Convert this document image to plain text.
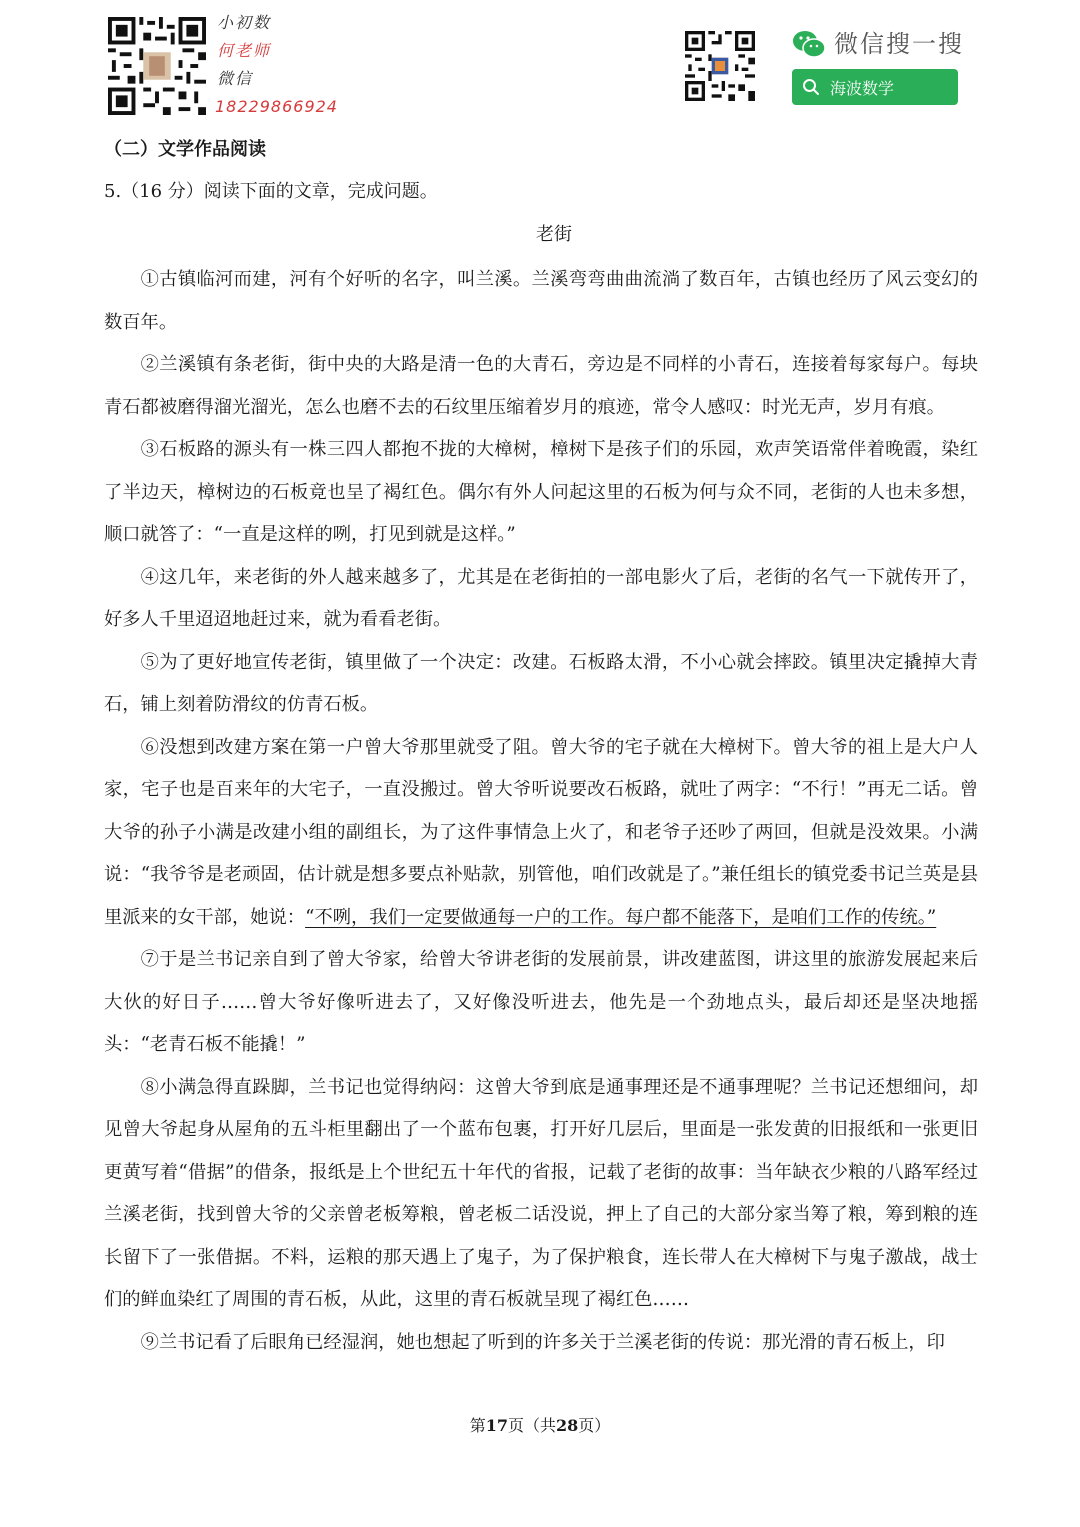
小初数
何老师
微信
18229866924
微信搜一搜
海波数学
（二）文学作品阅读
5.（16 分）阅读下面的文章，完成问题。
老街

①古镇临河而建，河有个好听的名字，叫兰溪。兰溪弯弯曲曲流淌了数百年，古镇也经历了风云变幻的数百年。

②兰溪镇有条老街，街中央的大路是清一色的大青石，旁边是不同样的小青石，连接着每家每户。每块青石都被磨得溜光溜光，怎么也磨不去的石纹里压缩着岁月的痕迹，常令人感叹：时光无声，岁月有痕。

③石板路的源头有一株三四人都抱不拢的大樟树，樟树下是孩子们的乐园，欢声笑语常伴着晚霞，染红了半边天，樟树边的石板竟也呈了褐红色。偶尔有外人问起这里的石板为何与众不同，老街的人也未多想，顺口就答了：“一直是这样的咧，打见到就是这样。”

④这几年，来老街的外人越来越多了，尤其是在老街拍的一部电影火了后，老街的名气一下就传开了，好多人千里迢迢地赶过来，就为看看老街。

⑤为了更好地宣传老街，镇里做了一个决定：改建。石板路太滑，不小心就会摔跤。镇里决定撬掉大青石，铺上刻着防滑纹的仿青石板。

⑥没想到改建方案在第一户曾大爷那里就受了阻。曾大爷的宅子就在大樟树下。曾大爷的祖上是大户人家，宅子也是百来年的大宅子，一直没搬过。曾大爷听说要改石板路，就吐了两字：“不行！”再无二话。曾大爷的孙子小满是改建小组的副组长，为了这件事情急上火了，和老爷子还吵了两回，但就是没效果。小满说：“我爷爷是老顽固，估计就是想多要点补贴款，别管他，咱们改就是了。”兼任组长的镇党委书记兰英是县里派来的女干部，她说：“不咧，我们一定要做通每一户的工作。每户都不能落下，是咱们工作的传统。”

⑦于是兰书记亲自到了曾大爷家，给曾大爷讲老街的发展前景，讲改建蓝图，讲这里的旅游发展起来后大伙的好日子……曾大爷好像听进去了，又好像没听进去，他先是一个劲地点头，最后却还是坚决地摇头：“老青石板不能撬！”

⑧小满急得直跺脚，兰书记也觉得纳闷：这曾大爷到底是通事理还是不通事理呢？兰书记还想细问，却见曾大爷起身从屋角的五斗柜里翻出了一个蓝布包裹，打开好几层后，里面是一张发黄的旧报纸和一张更旧更黄写着“借据”的借条，报纸是上个世纪五十年代的省报，记载了老街的故事：当年缺衣少粮的八路军经过兰溪老街，找到曾大爷的父亲曾老板筹粮，曾老板二话没说，押上了自己的大部分家当筹了粮，筹到粮的连长留下了一张借据。不料，运粮的那天遇上了鬼子，为了保护粮食，连长带人在大樟树下与鬼子激战，战士们的鲜血染红了周围的青石板，从此，这里的青石板就呈现了褐红色……

⑨兰书记看了后眼角已经湿润，她也想起了听到的许多关于兰溪老街的传说：那光滑的青石板上，印

第17页（共28页）
